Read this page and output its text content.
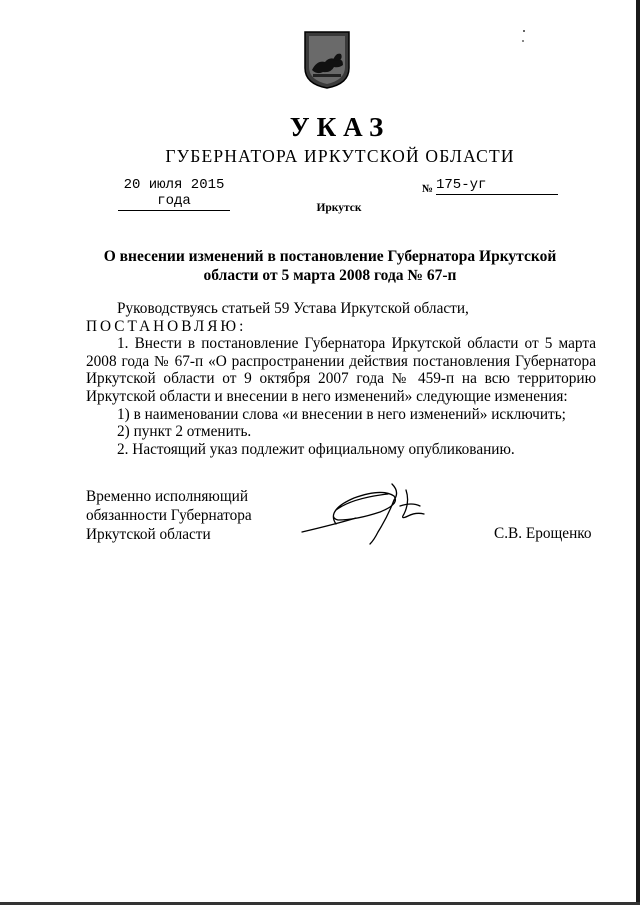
УКАЗ
ГУБЕРНАТОРА ИРКУТСКОЙ ОБЛАСТИ
20 июля 2015 года
№ 175-уг
Иркутск
О внесении изменений в постановление Губернатора Иркутской
области от 5 марта 2008 года № 67-п

Руководствуясь статьей 59 Устава Иркутской области,

ПОСТАНОВЛЯЮ:

1. Внести в постановление Губернатора Иркутской области от 5 марта 2008 года № 67-п «О распространении действия постановления Губернатора Иркутской области от 9 октября 2007 года № 459-п на всю территорию Иркутской области и внесении в него изменений» следующие изменения:

1) в наименовании слова «и внесении в него изменений» исключить;

2) пункт 2 отменить.

2. Настоящий указ подлежит официальному опубликованию.

Временно исполняющий
обязанности Губернатора
Иркутской области	С.В. Ерощенко
